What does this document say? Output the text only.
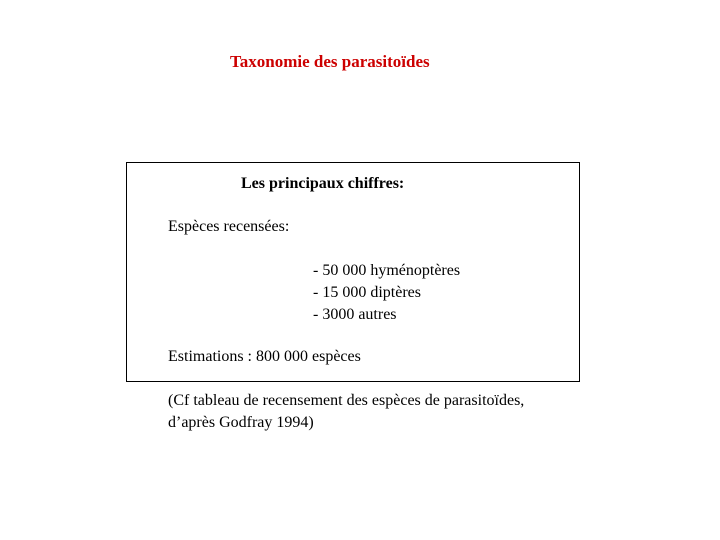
Taxonomie des parasitoïdes
Les principaux chiffres:
Espèces recensées:
- 50 000 hyménoptères
- 15 000 diptères
- 3000 autres
Estimations : 800 000 espèces
(Cf tableau de recensement des espèces de parasitoïdes,
d’après Godfray 1994)
